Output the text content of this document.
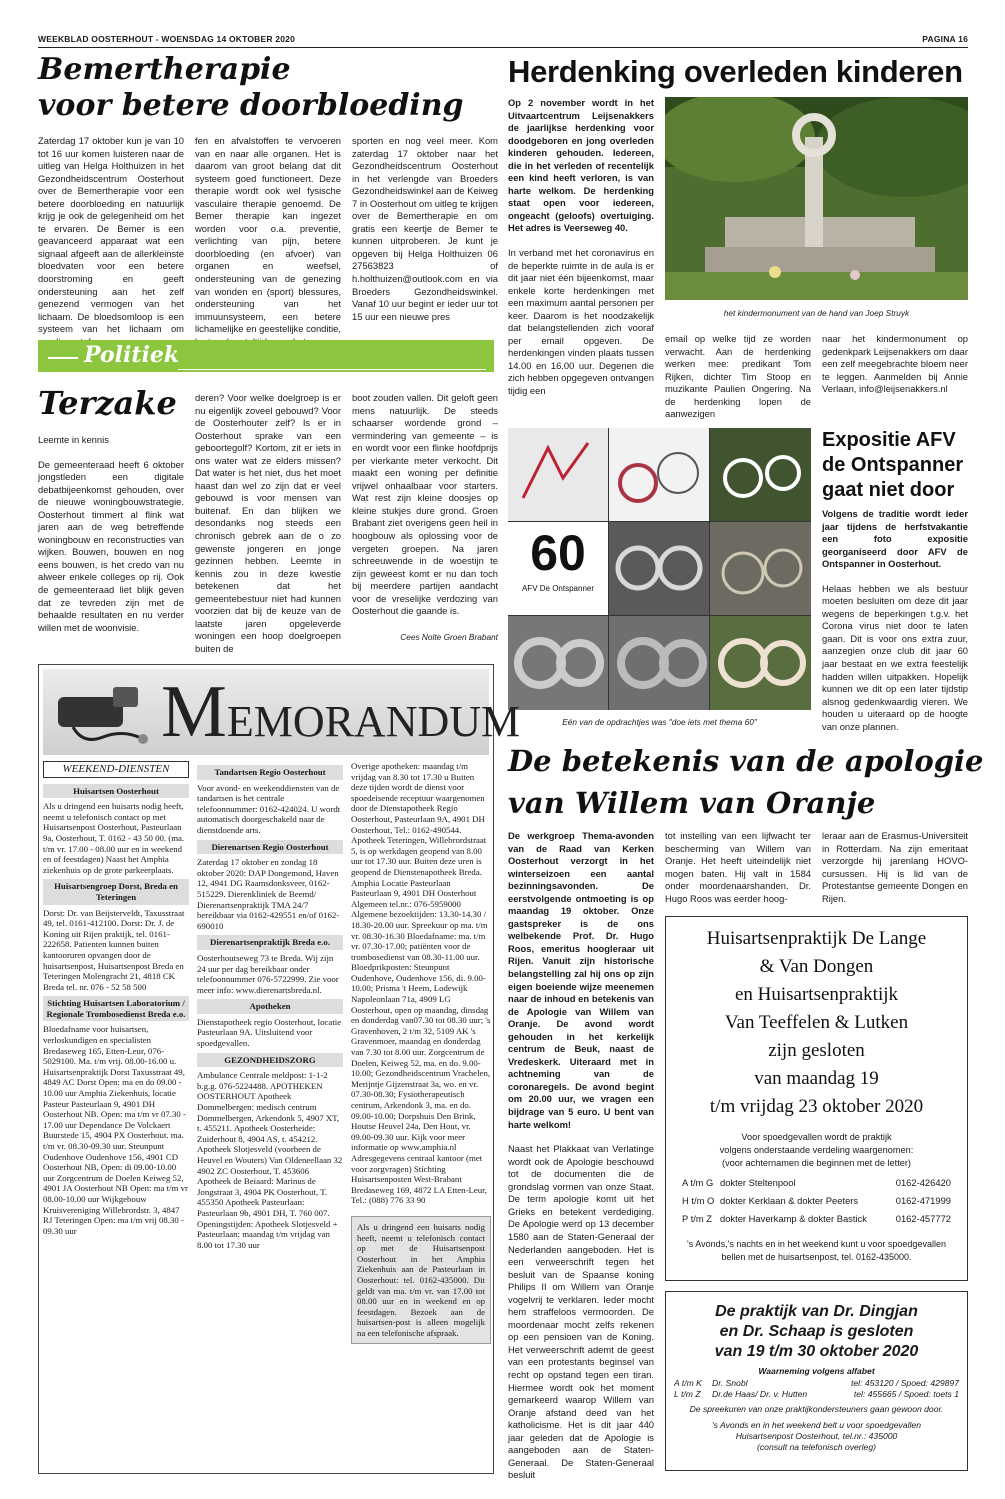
WEEKBLAD OOSTERHOUT - WOENSDAG 14 OKTOBER 2020	PAGINA 16
Bemertherapie
voor betere doorbloeding
Zaterdag 17 oktober kun je van 10 tot 16 uur komen luisteren naar de uitleg van Helga Holthuizen in het Gezondheidscentrum Oosterhout over de Bemertherapie voor een betere doorbloeding en natuurlijk krijg je ook de gelegenheid om het te ervaren. De Bemer is een geavanceerd apparaat wat een signaal afgeeft aan de allerkleinste bloedvaten voor een betere doorstroming en geeft ondersteuning aan het zelf genezend vermogen van het lichaam. De bloedsomloop is een systeem van het lichaam om
fen en afvalstoffen te vervoeren van en naar alle organen. Het is daarom van groot belang dat dit systeem goed functioneert. Deze therapie wordt ook wel fysische vasculaire therapie genoemd. De Bemer therapie kan ingezet worden voor o.a. preventie, verlichting van pijn, betere doorbloeding (en afvoer) van organen en weefsel, ondersteuning van de genezing van wonden en (sport) blessures, ondersteuning van het immuunsysteem, een betere lichamelijke en geestelijke conditie,
sporten en nog veel meer. Kom zaterdag 17 oktober naar het Gezondheidscentrum Oosterhout in het verlengde van Broeders Gezondheidswinkel aan de Keiweg 7 in Oosterhout om uitleg te krijgen over de Bemertherapie en om gratis een keertje de Bemer te kunnen uitproberen. Je kunt je opgeven bij Helga Holthuizen 06 27563823 of h.holthuizen@outlook.com en via Broeders Gezondheidswinkel. Vanaf 10 uur begint er ieder uur tot 15 uur een nieuwe pres
Herdenking overleden kinderen
Op 2 november wordt in het Uitvaartcentrum Leijsenakkers de jaarlijkse herdenking voor doodgeboren en jong overleden kinderen gehouden. Iedereen, die in het verleden of recentelijk een kind heeft verloren, is van harte welkom. De herdenking staat open voor iedereen, ongeacht (geloofs) overtuiging. Het adres is Veerseweg 40.
In verband met het coronavirus en de beperkte ruimte in de aula is er dit jaar niet één bijeenkomst, maar enkele korte herdenkingen met een maximum aantal personen per keer. Daarom is het noodzakelijk dat belangstellenden zich vooraf per email opgeven. De herdenkingen vinden plaats tussen 14.00 en 16.00 uur. Degenen die zich hebben opgegeven ontvangen tijdig een
het kindermonument van de hand van Joep Struyk
email op welke tijd ze worden verwacht. Aan de herdenking werken mee: predikant Tom Rijken, dichter Tim Stoop en muzikante Paulien Ongering. Na de herdenking lopen de aanwezigen
naar het kindermonument op gedenkpark Leijsenakkers om daar een zelf meegebrachte bloem neer te leggen. Aanmelden bij Annie Verlaan, info@leijsenakkers.nl
Politiek
Terzake
Leemte in kennis
De gemeenteraad heeft 6 oktober jongstleden een digitale debatbijeenkomst gehouden, over de nieuwe woningbouwstrategie. Oosterhout timmert al flink wat jaren aan de weg betreffende woningbouw en reconstructies van wijken. Bouwen, bouwen en nog eens bouwen, is het credo van nu alweer enkele colleges op rij. Ook de gemeenteraad liet blijk geven dat ze tevreden zijn met de behaalde resultaten en nu verder willen met de woonvisie.
deren? Voor welke doelgroep is er nu eigenlijk zoveel gebouwd? Voor de Oosterhouter zelf? Is er in Oosterhout sprake van een geboortegolf? Kortom, zit er iets in ons water wat ze elders missen? Dat water is het niet, dus het moet haast dan wel zo zijn dat er veel gebouwd is voor mensen van buitenaf. En dan blijken we desondanks nog steeds een chronisch gebrek aan de o zo gewenste jongeren en jonge gezinnen hebben. Leemte in kennis zou in deze kwestie betekenen dat het gemeentebestuur niet had kunnen voorzien dat bij de keuze van de laatste jaren opgeleverde woningen een hoop doelgroepen buiten de
boot zouden vallen. Dit geloft geen mens natuurlijk. De steeds schaarser wordende grond – vermindering van gemeente – is en wordt voor een flinke hoofdprijs per vierkante meter verkocht. Dit maakt een woning per definitie vrijwel onhaalbaar voor starters. Wat rest zijn kleine doosjes op kleine stukjes dure grond. Groen Brabant ziet overigens geen heil in hoogbouw als oplossing voor de vergeten groepen. Na jaren schreeuwende in de woestijn te zijn geweest komt er nu dan toch bij meerdere partijen aandacht voor de vreselijke verdozing van Oosterhout die gaande is.
Cees Nolte Groen Brabant
60
AFV De Ontspanner
Eén van de opdrachtjes was "doe iets met thema 60"
Expositie AFV
de Ontspanner
gaat niet door
Volgens de traditie wordt ieder jaar tijdens de herfstvakantie een foto expositie georganiseerd door AFV de Ontspanner in Oosterhout.
Helaas hebben we als bestuur moeten besluiten om deze dit jaar wegens de beperkingen t.g.v. het Corona virus niet door te laten gaan. Dit is voor ons extra zuur, aanzegien onze club dit jaar 60 jaar bestaat en we extra feestelijk hadden willen uitpakken. Hopelijk kunnen we dit op een later tijdstip alsnog gedenkwaardig vieren. We houden u uiteraard op de hoogte van onze plannen.
De betekenis van de apologie
van Willem van Oranje
De werkgroep Thema-avonden van de Raad van Kerken Oosterhout verzorgt in het winterseizoen een aantal bezinningsavonden. De eerstvolgende ontmoeting is op maandag 19 oktober. Onze gastspreker is de ons welbekende Prof. Dr. Hugo Roos, emeritus hoogleraar uit Rijen. Vanuit zijn historische belangstelling zal hij ons op zijn eigen boeiende wijze meenemen naar de inhoud en betekenis van de Apologie van Willem van Oranje. De avond wordt gehouden in het kerkelijk centrum de Beuk, naast de Vredeskerk. Uiteraard met in achtneming van de coronaregels. De avond begint om 20.00 uur, we vragen een bijdrage van 5 euro. U bent van harte welkom!
Naast het Plakkaat van Verlatinge wordt ook de Apologie beschouwd tot de documenten die de grondslag vormen van onze Staat. De term apologie komt uit het Grieks en betekent verdediging. De Apologie werd op 13 december 1580 aan de Staten-Generaal der Nederlanden aangeboden. Het is een verweerschrift tegen het besluit van de Spaanse koning Philips II om Willem van Oranje vogelvrij te verklaren. Ieder mocht hem straffeloos vermoorden. De moordenaar mocht zelfs rekenen op een pensioen van de Koning. Het verweerschrift ademt de geest van een protestants beginsel van recht op opstand tegen een tiran. Hiermee wordt ook het moment gemarkeerd waarop Willem van Oranje afstand deed van het katholicisme. Het is dit jaar 440 jaar geleden dat de Apologie is aangeboden aan de Staten-Generaal. De Staten-Generaal besluit
tot instelling van een lijfwacht ter bescherming van Willem van Oranje. Het heeft uiteindelijk niet mogen baten. Hij valt in 1584 onder moordenaarshanden. Dr. Hugo Roos was eerder hoog-
leraar aan de Erasmus-Universiteit in Rotterdam. Na zijn emeritaat verzorgde hij jarenlang HOVO-cursussen. Hij is lid van de Protestantse gemeente Dongen en Rijen.
Huisartsenpraktijk De Lange
& Van Dongen
en Huisartsenpraktijk
Van Teeffelen & Lutken
zijn gesloten
van maandag 19
t/m vrijdag 23 oktober 2020
Voor spoedgevallen wordt de praktijk
volgens onderstaande verdeling waargenomen:
(voor achternamen die beginnen met de letter)
A t/m G dokter Steltenpool	0162-426420
H t/m O dokter Kerklaan & dokter Peeters	0162-471999
P t/m Z dokter Haverkamp & dokter Bastick	0162-457772
's Avonds,'s nachts en in het weekend kunt u voor spoedgevallen
bellen met de huisartsenpost, tel. 0162-435000.
De praktijk van Dr. Dingjan
en Dr. Schaap is gesloten
van 19 t/m 30 oktober 2020
Waarneming volgens alfabet
A t/m K	Dr. Snobl	tel: 453120 / Spoed: 429897
L t/m Z	Dr.de Haas/ Dr. v. Hutten	tel: 455665 / Spoed: toets 1
De spreekuren van onze praktijkondersteuners gaan gewoon door.
's Avonds en in het weekend belt u voor spoedgevallen
Huisartsenpost Oosterhout, tel.nr.: 435000
(consult na telefonisch overleg)
MEMORANDUM
WEEKEND-DIENSTEN
Huisartsen Oosterhout
Als u dringend een huisarts nodig heeft, neemt u telefonisch contact op met Huisartsenpost Oosterhout, Pasteurlaan 9a, Oosterhout, T. 0162 - 43 50 00. (ma. t/m vr. 17.00 - 08.00 uur en in weekend en of feestdagen) Naast het Amphia ziekenhuis op de grote parkeerplaats.
Huisartsengroep Dorst, Breda en Teteringen
Dorst: Dr. van Beijsterveldt, Taxusstraat 49, tel. 0161-412100. Dorst: Dr. J. de Koning uit Rijen praktijk, tel. 0161-222658. Patienten kunnen buiten kantooruren opvangen door de huisartsenpost, Huisartsenpost Breda en Teteringen Molengracht 21, 4818 CK Breda tel. nr. 076 - 52 58 500
Stichting Huisartsen Laboratorium / Regionale Trombosedienst Breda e.o.
Bloedafname voor huisartsen, verloskundigen en specialisten Bredaseweg 165, Etten-Leur, 076-5029100. Ma. t/m vrij. 08.00-16.00 u. Huisartsenpraktijk Dorst Taxusstraat 49, 4849 AC Dorst Open: ma en do 09.00 - 10.00 uur Amphia Ziekenhuis, locatie Pasteur Pasteurlaan 9, 4901 DH Oosterhout NB. Open: ma t/m vr 07.30 - 17.00 uur Dependance De Volckaert Buurstede 15, 4904 PX Oosterhout. ma. t/m vr. 08.30-09.30 uur. Steunpunt Oudenhove Oudenhove 156, 4901 CD Oosterhout NB, Open: di 09.00-10.00 uur Zorgcentrum de Doelen Keiweg 52, 4901 JA Oosterhout NB Open: ma t/m vr 08.00-10.00 uur Wijkgebouw Kruisvereniging Willebrordstr. 3, 4847 RJ Teteringen Open: ma t/m vrij 08.30 - 09.30 uur
Tandartsen Regio Oosterhout
Voor avond- en weekenddiensten van de tandartsen is het centrale telefoonnummer: 0162-424024. U wordt automatisch doorgeschakeld naar de dienstdoende arts.
Dierenartsen Regio Oosterhout
Zaterdag 17 oktober en zondag 18 oktober 2020: DAP Dongemond, Haven 12, 4941 DG Raamsdonksveer, 0162-515229. Dierenkliniek de Beemd/ Dierenartsenpraktijk TMA 24/7 bereikbaar via 0162-429551 en/of 0162-690010
Dierenartsenpraktijk Breda e.o.
Oosterhoutseweg 73 te Breda. Wij zijn 24 uur per dag bereikbaar onder telefoonnummer 076-5722999. Zie voor meer info: www.dierenartsbreda.nl.
Apotheken
Dienstapotheek regio Oosterhout, locatie Pasteurlaan 9A. Uitsluitend voor spoedgevallen.
GEZONDHEIDSZORG
Ambulance Centrale meldpost: 1-1-2 b.g.g. 076-5224488. APOTHEKEN OOSTERHOUT Apotheek Dommelbergen: medisch centrum Dommelbergen, Arkendonk 5, 4907 XT, t. 455211. Apotheek Oosterheide: Zuiderhout 8, 4904 AS, t. 454212. Apotheek Slotjesveld (voorheen de Heuvel en Wouters) Van Oldeneellaan 32 4902 ZC Oosterhout, T. 453606 Apotheek de Beiaard: Marinus de Jongstraat 3, 4904 PK Oosterhout, T. 455350 Apotheek Pasteurlaan: Pasteurlaan 9b, 4901 DH, T. 760 007. Openingstijden: Apotheek Slotjesveld + Pasteurlaan: maandag t/m vrijdag van 8.00 tot 17.30 uur
Overige apotheken: maandag t/m vrijdag van 8.30 tot 17.30 u Buiten deze tijden wordt de dienst voor spoedeisende receptuur waargenomen door de Dienstapotheek Regio Oosterhout, Pasteurlaan 9A, 4901 DH Oosterhout, Tel.: 0162-490544. Apotheek Teteringen, Willebrordstraat 5, is op werkdagen geopend van 8.00 uur tot 17.30 uur. Buiten deze uren is geopend de Dienstenapotheek Breda. Amphia Locatie Pasteurlaan Pasteurlaan 9, 4901 DH Oosterhout Algemeen tel.nr.: 076-5959000 Algemene bezoektijden: 13.30-14.30 / 18.30-20.00 uur. Spreekuur op ma. t/m vr. 08.30-16.30 Bloedafname: ma. t/m vr. 07.30-17.00; patiënten voor de trombosedienst van 08.30-11.00 uur. Bloedprikposten: Steunpunt Oudenhove, Oudenhove 156, di. 9.00-10.00; Prisma 't Heem, Lodewijk Napoleonlaan 71a, 4909 LG Oosterhout, open op maandag, dinsdag en donderdag van07.30 tot 08.30 uur; 's Gravenhoven, 2 t/m 32, 5109 AK 's Gravenmoer, maandag en donderdag van 7.30 tot 8.00 uur. Zorgcentrum de Doelen, Keiweg 52, ma. en do. 9.00-10.00; Gezondheidscentrum Vrachelen, Merijntje Gijzenstraat 3a, wo. en vr. 07.30-08.30; Fysiotherapeutisch centrum, Arkendonk 3, ma. en do. 09.00-10.00; Dorpshuis Den Brink, Houtse Heuvel 24a, Den Hout, vr. 09.00-09.30 uur. Kijk voor meer informatie op www.amphia.nl Adresgegevens centraal kantoor (met voor zorgvragen) Stichting Huisartsenposten West-Brabant Bredaseweg 169, 4872 LA Etten-Leur, Tel.: (088) 776 33 90
Als u dringend een huisarts nodig heeft, neemt u telefonisch contact op met de Huisartsenpost Oosterhout in het Amphia Ziekenhuis aan de Pasteurlaan in Oosterhout: tel. 0162-435000. Dit geldt van ma. t/m vr. van 17.00 tot 08.00 uur en in weekend en op feestdagen. Bezoek aan de huisartsen-post is alleen mogelijk na een telefonische afspraak.
